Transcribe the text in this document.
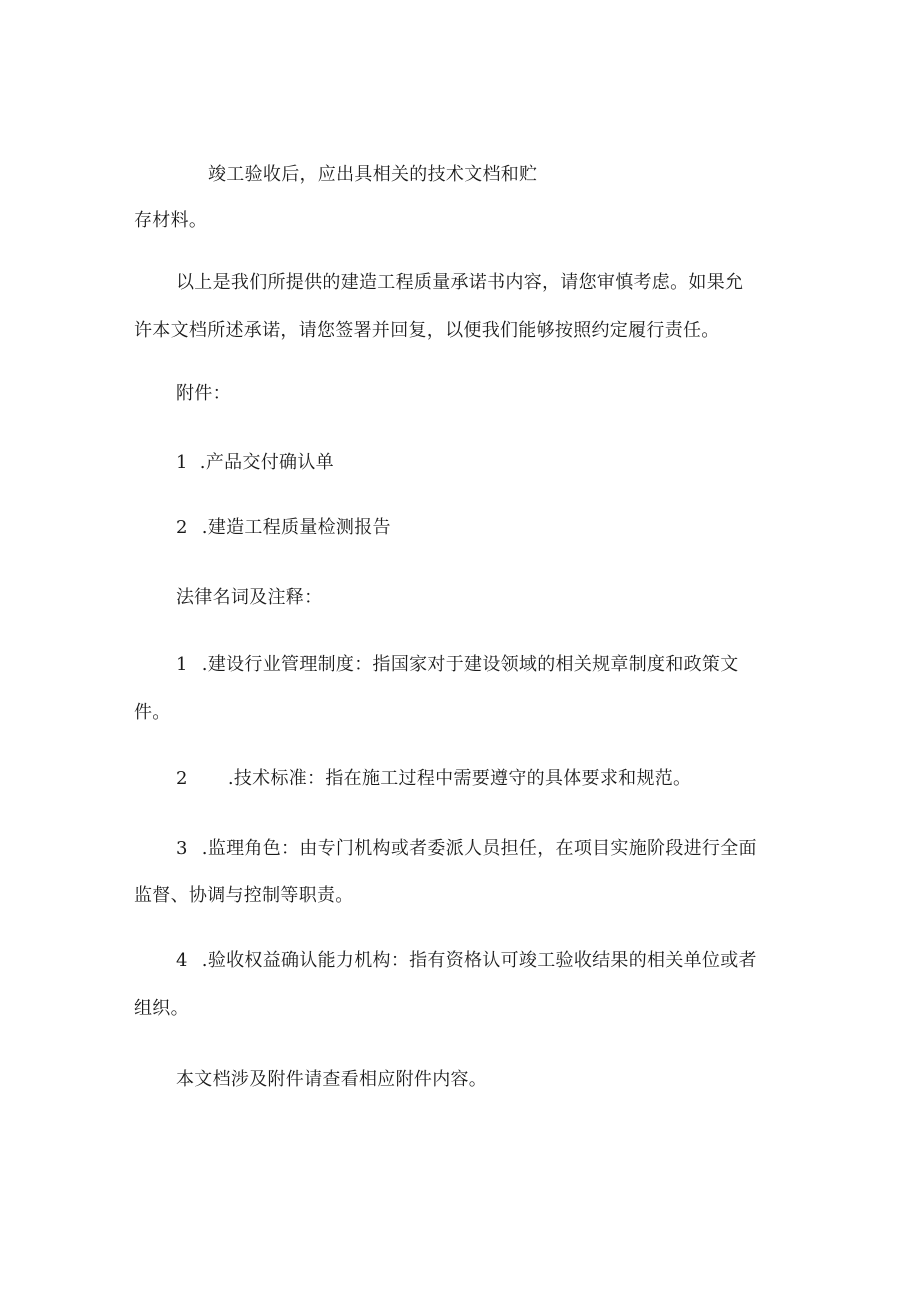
竣工验收后，应出具相关的技术文档和贮
存材料。
以上是我们所提供的建造工程质量承诺书内容，请您审慎考虑。如果允
许本文档所述承诺，请您签署并回复，以便我们能够按照约定履行责任。
附件：
1 .产品交付确认单
2 .建造工程质量检测报告
法律名词及注释：
1 .建设行业管理制度：指国家对于建设领域的相关规章制度和政策文
件。
2 .技术标准：指在施工过程中需要遵守的具体要求和规范。
3 .监理角色：由专门机构或者委派人员担任，在项目实施阶段进行全面
监督、协调与控制等职责。
4 .验收权益确认能力机构：指有资格认可竣工验收结果的相关单位或者
组织。
本文档涉及附件请查看相应附件内容。
